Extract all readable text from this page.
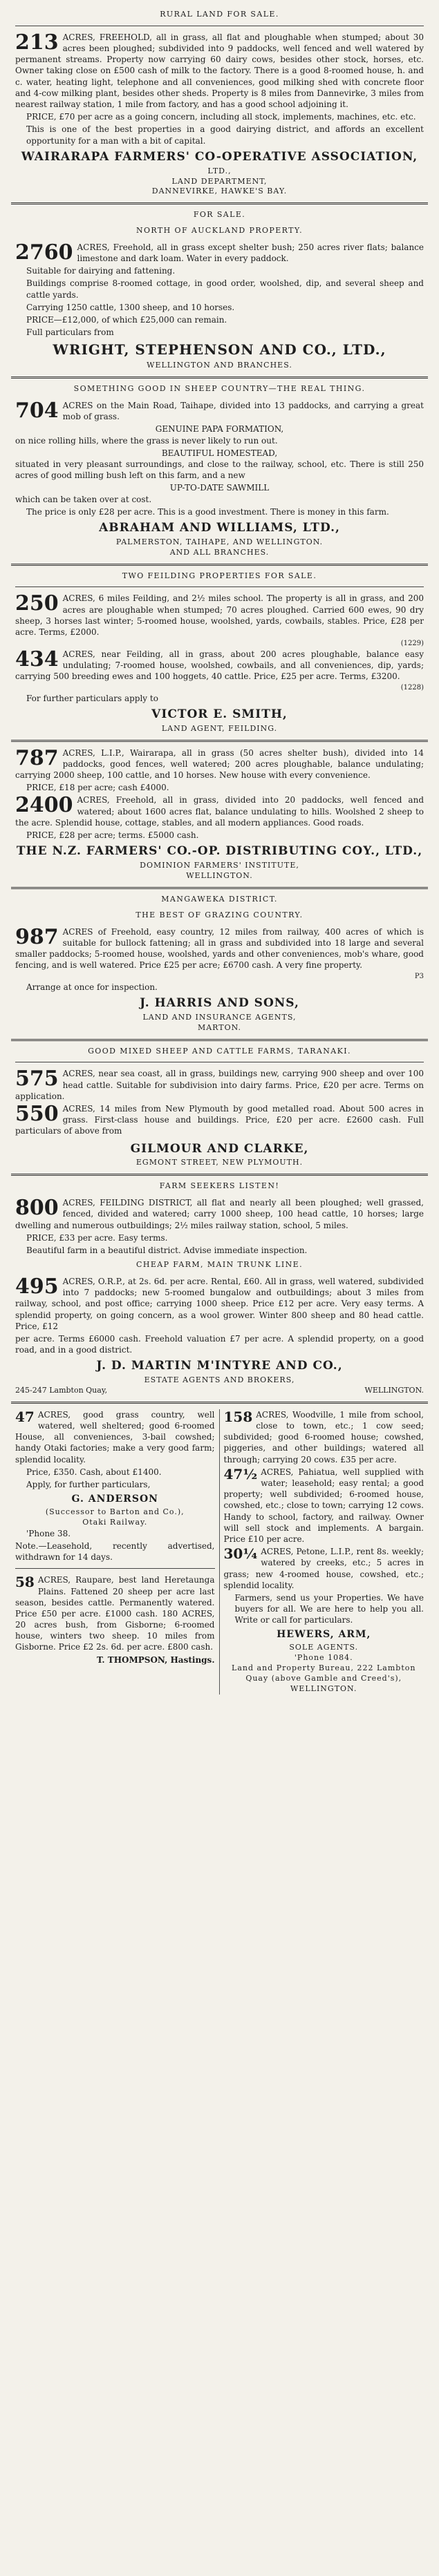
RURAL LAND FOR SALE.
213 ACRES, FREEHOLD, all in grass, all flat and ploughable when stumped; about 30 acres been ploughed; subdivided into 9 paddocks, well fenced and well watered by permanent streams. Property now carrying 60 dairy cows, besides other stock, horses, etc. Owner taking close on £500 cash of milk to the factory. There is a good 8-roomed house, h. and c. water, heating light, telephone and all conveniences, good milking shed with concrete floor and 4-cow milking plant, besides other sheds. Property is 8 miles from Dannevirke, 3 miles from nearest railway station, 1 mile from factory, and has a good school adjoining it.

PRICE, £70 per acre as a going concern, including all stock, implements, machines, etc. etc.

This is one of the best properties in a good dairying district, and affords an excellent opportunity for a man with a bit of capital.

WAIRARAPA FARMERS' CO-OPERATIVE ASSOCIATION,
LTD.,
LAND DEPARTMENT,
DANNEVIRKE, HAWKE'S BAY.
FOR SALE.
NORTH OF AUCKLAND PROPERTY.
2760 ACRES, Freehold, all in grass except shelter bush; 250 acres river flats; balance limestone and dark loam. Water in every paddock.

Suitable for dairying and fattening.

Buildings comprise 8-roomed cottage, in good order, woolshed, dip, and several sheep and cattle yards.

Carrying 1250 cattle, 1300 sheep, and 10 horses.

PRICE—£12,000, of which £25,000 can remain.

Full particulars from

WRIGHT, STEPHENSON AND CO., LTD.,
WELLINGTON AND BRANCHES.
SOMETHING GOOD IN SHEEP COUNTRY—THE REAL THING.
704 ACRES on the Main Road, Taihape, divided into 13 paddocks, and carrying a great mob of grass.

GENUINE PAPA FORMATION,

on nice rolling hills, where the grass is never likely to run out.

BEAUTIFUL HOMESTEAD,

situated in very pleasant surroundings, and close to the railway, school, etc. There is still 250 acres of good milling bush left on this farm, and a new

UP-TO-DATE SAWMILL

which can be taken over at cost.

The price is only £28 per acre. This is a good investment. There is money in this farm.

ABRAHAM AND WILLIAMS, LTD.,
PALMERSTON, TAIHAPE, AND WELLINGTON.
AND ALL BRANCHES.
TWO FEILDING PROPERTIES FOR SALE.
250 ACRES, 6 miles Feilding, and 2½ miles school. The property is all in grass, and 200 acres are ploughable when stumped; 70 acres ploughed. Carried 600 ewes, 90 dry sheep, 3 horses last winter; 5-roomed house, woolshed, yards, cowbails, stables. Price, £28 per acre. Terms, £2000.

(1229)
434 ACRES, near Feilding, all in grass, about 200 acres ploughable, balance easy undulating; 7-roomed house, woolshed, cowbails, and all conveniences, dip, yards; carrying 500 breeding ewes and 100 hoggets, 40 cattle. Price, £25 per acre. Terms, £3200.

(1228)

For further particulars apply to

VICTOR E. SMITH,
LAND AGENT, FEILDING.
787 ACRES, L.I.P., Wairarapa, all in grass (50 acres shelter bush), divided into 14 paddocks, good fences, well watered; 200 acres ploughable, balance undulating; carrying 2000 sheep, 100 cattle, and 10 horses. New house with every convenience.

PRICE, £18 per acre; cash £4000.

2400 ACRES, Freehold, all in grass, divided into 20 paddocks, well fenced and watered; about 1600 acres flat, balance undulating to hills. Woolshed 2 sheep to the acre. Splendid house, cottage, stables, and all modern appliances. Good roads.

PRICE, £28 per acre; terms. £5000 cash.

THE N.Z. FARMERS' CO.-OP. DISTRIBUTING COY., LTD.,
DOMINION FARMERS' INSTITUTE,
WELLINGTON.
MANGAWEKA DISTRICT.
THE BEST OF GRAZING COUNTRY.
987 ACRES of Freehold, easy country, 12 miles from railway, 400 acres of which is suitable for bullock fattening; all in grass and subdivided into 18 large and several smaller paddocks; 5-roomed house, woolshed, yards and other conveniences, mob's whare, good fencing, and is well watered. Price £25 per acre; £6700 cash. A very fine property.

P3

Arrange at once for inspection.

J. HARRIS AND SONS,
LAND AND INSURANCE AGENTS,
MARTON.
GOOD MIXED SHEEP AND CATTLE FARMS, TARANAKI.
575 ACRES, near sea coast, all in grass, buildings new, carrying 900 sheep and over 100 head cattle. Suitable for subdivision into dairy farms. Price, £20 per acre. Terms on application.

550 ACRES, 14 miles from New Plymouth by good metalled road. About 500 acres in grass. First-class house and buildings. Price, £20 per acre. £2600 cash. Full particulars of above from

GILMOUR AND CLARKE,
EGMONT STREET, NEW PLYMOUTH.
FARM SEEKERS LISTEN!
800 ACRES, FEILDING DISTRICT, all flat and nearly all been ploughed; well grassed, fenced, divided and watered; carry 1000 sheep, 100 head cattle, 10 horses; large dwelling and numerous outbuildings; 2½ miles railway station, school, 5 miles.

PRICE, £33 per acre. Easy terms.

Beautiful farm in a beautiful district. Advise immediate inspection.

CHEAP FARM, MAIN TRUNK LINE.
495 ACRES, O.R.P., at 2s. 6d. per acre. Rental, £60. All in grass, well watered, subdivided into 7 paddocks; new 5-roomed bungalow and outbuildings; about 3 miles from railway, school, and post office; carrying 1000 sheep. Price £12 per acre. Very easy terms. A splendid property, on going concern, as a wool grower. Winter 800 sheep and 80 head cattle. Price, £12

per acre. Terms £6000 cash. Freehold valuation £7 per acre. A splendid property, on a good road, and in a good district.

J. D. MARTIN M'INTYRE AND CO.,
ESTATE AGENTS AND BROKERS,
245-247 Lambton Quay,	WELLINGTON.
47 ACRES, good grass country, well watered, well sheltered; good 6-roomed House, all conveniences, 3-bail cowshed; handy Otaki factories; make a very good farm; splendid locality.

Price, £350. Cash, about £1400.

Apply, for further particulars,

G. ANDERSON
(Successor to Barton and Co.),
Otaki Railway.

'Phone 38.

Note.—Leasehold, recently advertised, withdrawn for 14 days.

58 ACRES, Raupare, best land Heretaunga Plains. Fattened 20 sheep per acre last season, besides cattle. Permanently watered. Price £50 per acre. £1000 cash. 180 ACRES, 20 acres bush, from Gisborne; 6-roomed house, winters two sheep. 10 miles from Gisborne. Price £2 2s. 6d. per acre. £800 cash.

T. THOMPSON, Hastings.
158 ACRES, Woodville, 1 mile from school, close to town, etc.; 1 cow seed; subdivided; good 6-roomed house; cowshed, piggeries, and other buildings; watered all through; carrying 20 cows. £35 per acre.

47½ ACRES, Pahiatua, well supplied with water; leasehold; easy rental; a good property; well subdivided; 6-roomed house, cowshed, etc.; close to town; carrying 12 cows. Handy to school, factory, and railway. Owner will sell stock and implements. A bargain. Price £10 per acre.

30¼ ACRES, Petone, L.I.P., rent 8s. weekly; watered by creeks, etc.; 5 acres in grass; new 4-roomed house, cowshed, etc.; splendid locality.

Farmers, send us your Properties. We have buyers for all. We are here to help you all. Write or call for particulars.

HEWERS, ARM,
SOLE AGENTS.
'Phone 1084.
Land and Property Bureau, 222 Lambton Quay (above Gamble and Creed's),
WELLINGTON.
